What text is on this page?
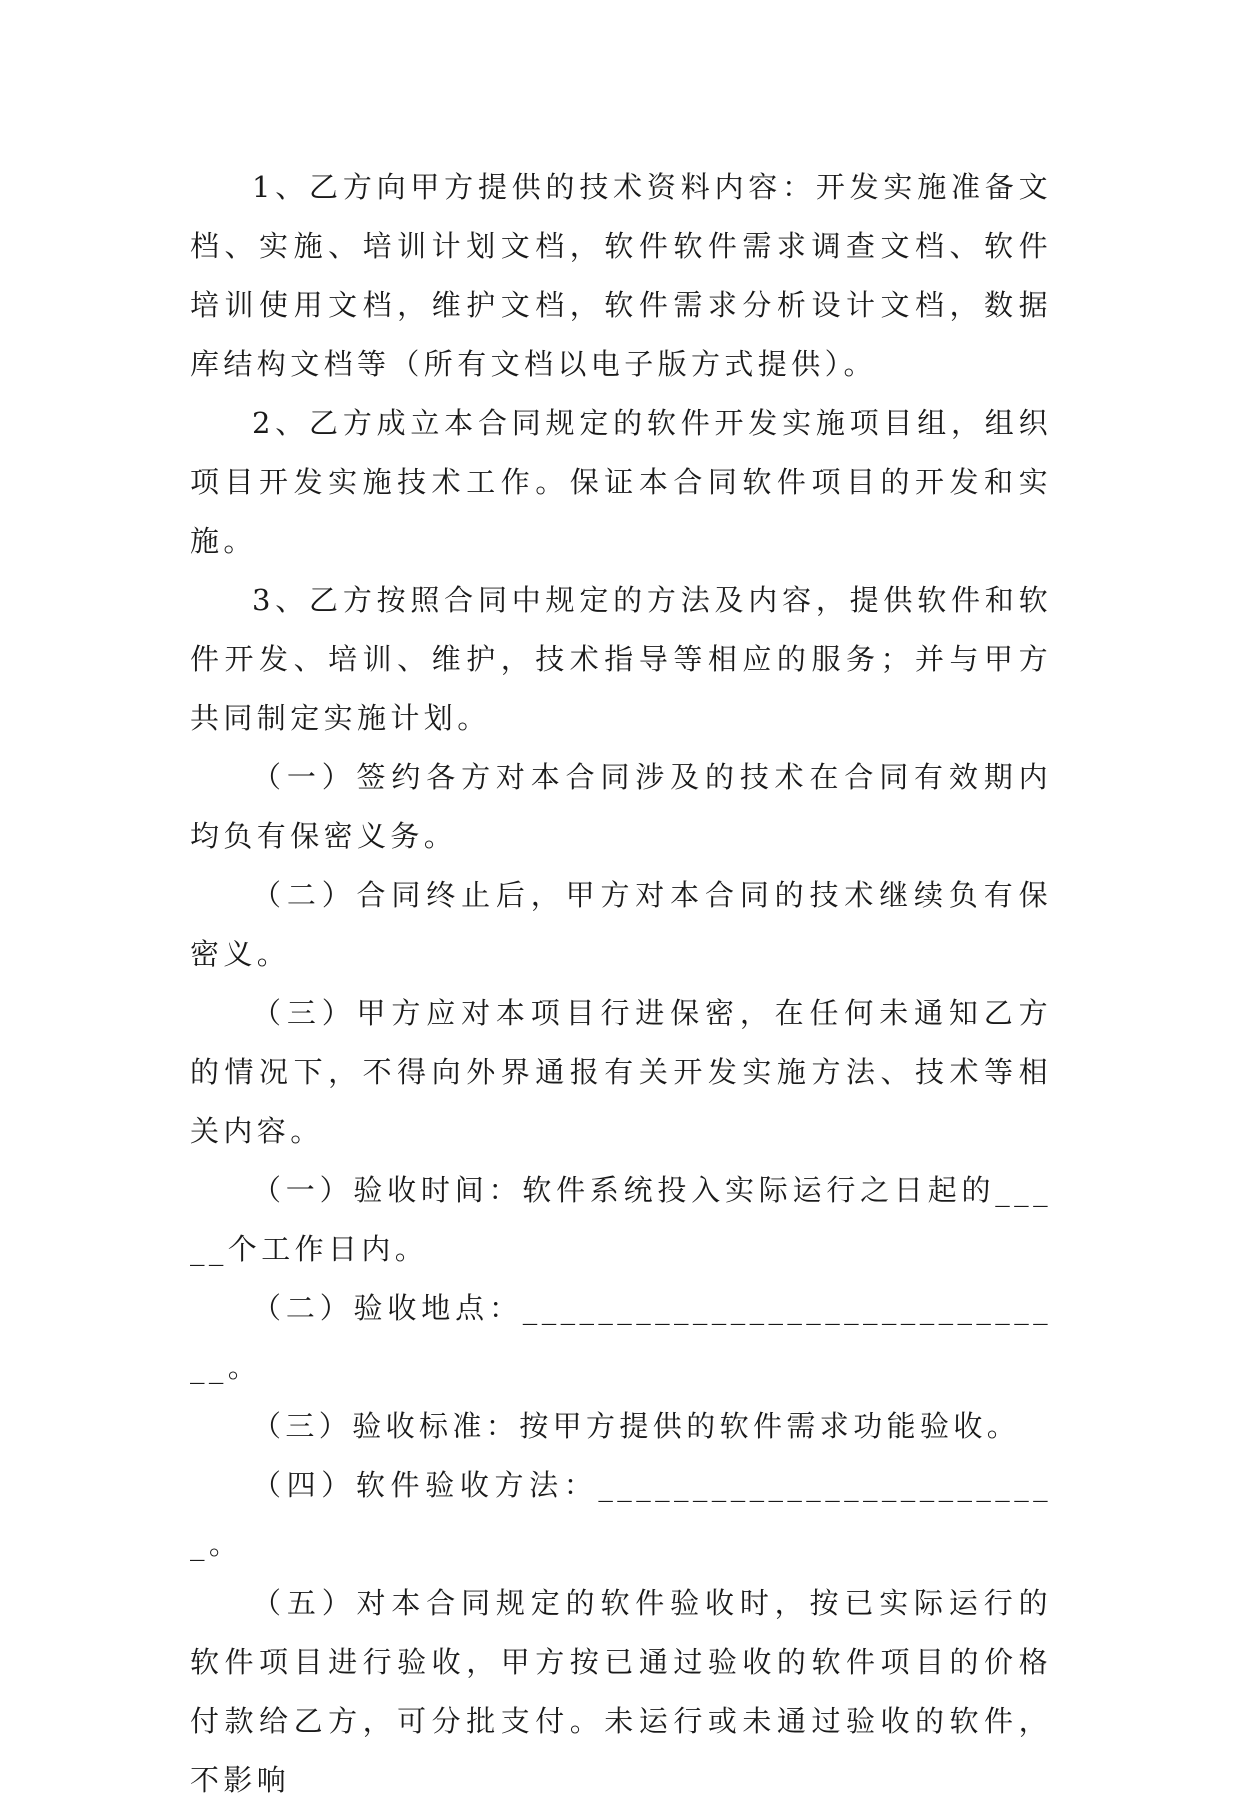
1、乙方向甲方提供的技术资料内容：开发实施准备文档、实施、培训计划文档，软件软件需求调查文档、软件培训使用文档，维护文档，软件需求分析设计文档，数据库结构文档等（所有文档以电子版方式提供）。

2、乙方成立本合同规定的软件开发实施项目组，组织项目开发实施技术工作。保证本合同软件项目的开发和实施。

3、乙方按照合同中规定的方法及内容，提供软件和软件开发、培训、维护，技术指导等相应的服务；并与甲方共同制定实施计划。

（一）签约各方对本合同涉及的技术在合同有效期内均负有保密义务。

（二）合同终止后，甲方对本合同的技术继续负有保密义。

（三）甲方应对本项目行进保密，在任何未通知乙方的情况下，不得向外界通报有关开发实施方法、技术等相关内容。

（一）验收时间：软件系统投入实际运行之日起的_____个工作日内。

（二）验收地点：______________________________。

（三）验收标准：按甲方提供的软件需求功能验收。

（四）软件验收方法：_________________________。

（五）对本合同规定的软件验收时，按已实际运行的软件项目进行验收，甲方按已通过验收的软件项目的价格付款给乙方，可分批支付。未运行或未通过验收的软件，不影响
